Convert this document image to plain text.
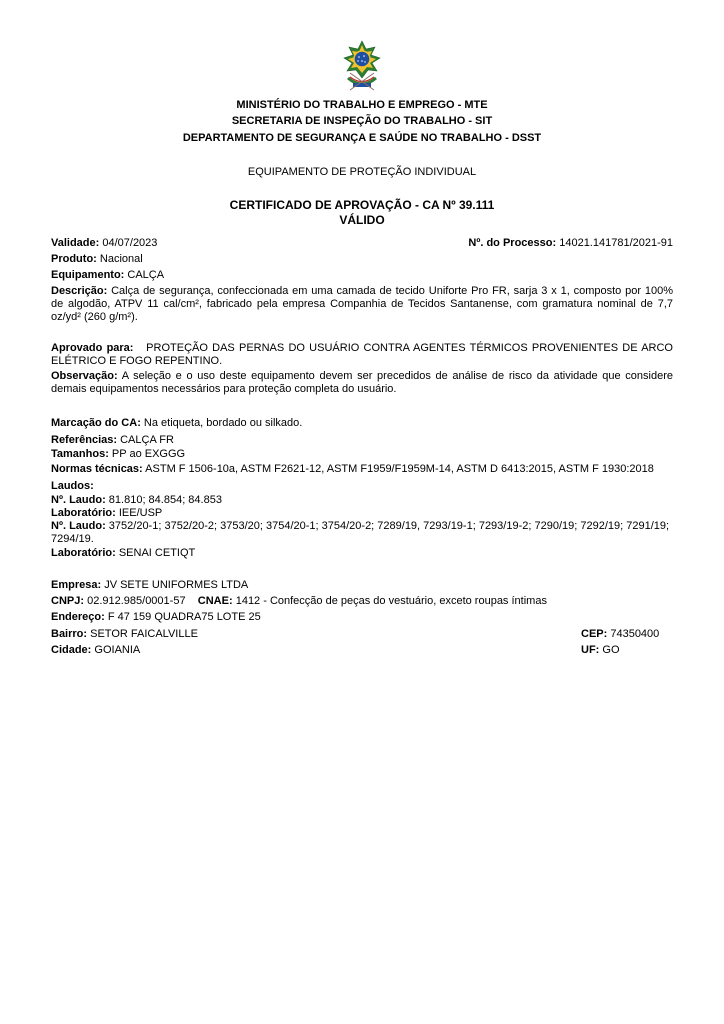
MINISTÉRIO DO TRABALHO E EMPREGO - MTE
SECRETARIA DE INSPEÇÃO DO TRABALHO - SIT
DEPARTAMENTO DE SEGURANÇA E SAÚDE NO TRABALHO - DSST
EQUIPAMENTO DE PROTEÇÃO INDIVIDUAL
CERTIFICADO DE APROVAÇÃO - CA Nº 39.111
VÁLIDO
Validade: 04/07/2023	Nº. do Processo: 14021.141781/2021-91
Produto: Nacional
Equipamento: CALÇA
Descrição: Calça de segurança, confeccionada em uma camada de tecido Uniforte Pro FR, sarja 3 x 1, composto por 100% de algodão, ATPV 11 cal/cm², fabricado pela empresa Companhia de Tecidos Santanense, com gramatura nominal de 7,7 oz/yd² (260 g/m²).
Aprovado para: PROTEÇÃO DAS PERNAS DO USUÁRIO CONTRA AGENTES TÉRMICOS PROVENIENTES DE ARCO ELÉTRICO E FOGO REPENTINO.
Observação: A seleção e o uso deste equipamento devem ser precedidos de análise de risco da atividade que considere demais equipamentos necessários para proteção completa do usuário.
Marcação do CA: Na etiqueta, bordado ou silkado.
Referências: CALÇA FR
Tamanhos: PP ao EXGGG
Normas técnicas: ASTM F 1506-10a, ASTM F2621-12, ASTM F1959/F1959M-14, ASTM D 6413:2015, ASTM F 1930:2018
Laudos:
Nº. Laudo: 81.810; 84.854; 84.853
Laboratório: IEE/USP
Nº. Laudo: 3752/20-1; 3752/20-2; 3753/20; 3754/20-1; 3754/20-2; 7289/19, 7293/19-1; 7293/19-2; 7290/19; 7292/19; 7291/19; 7294/19.
Laboratório: SENAI CETIQT
Empresa: JV SETE UNIFORMES LTDA
CNPJ: 02.912.985/0001-57 CNAE: 1412 - Confecção de peças do vestuário, exceto roupas íntimas
Endereço: F 47 159 QUADRA75 LOTE 25
Bairro: SETOR FAICALVILLE	CEP: 74350400
Cidade: GOIANIA	UF: GO
